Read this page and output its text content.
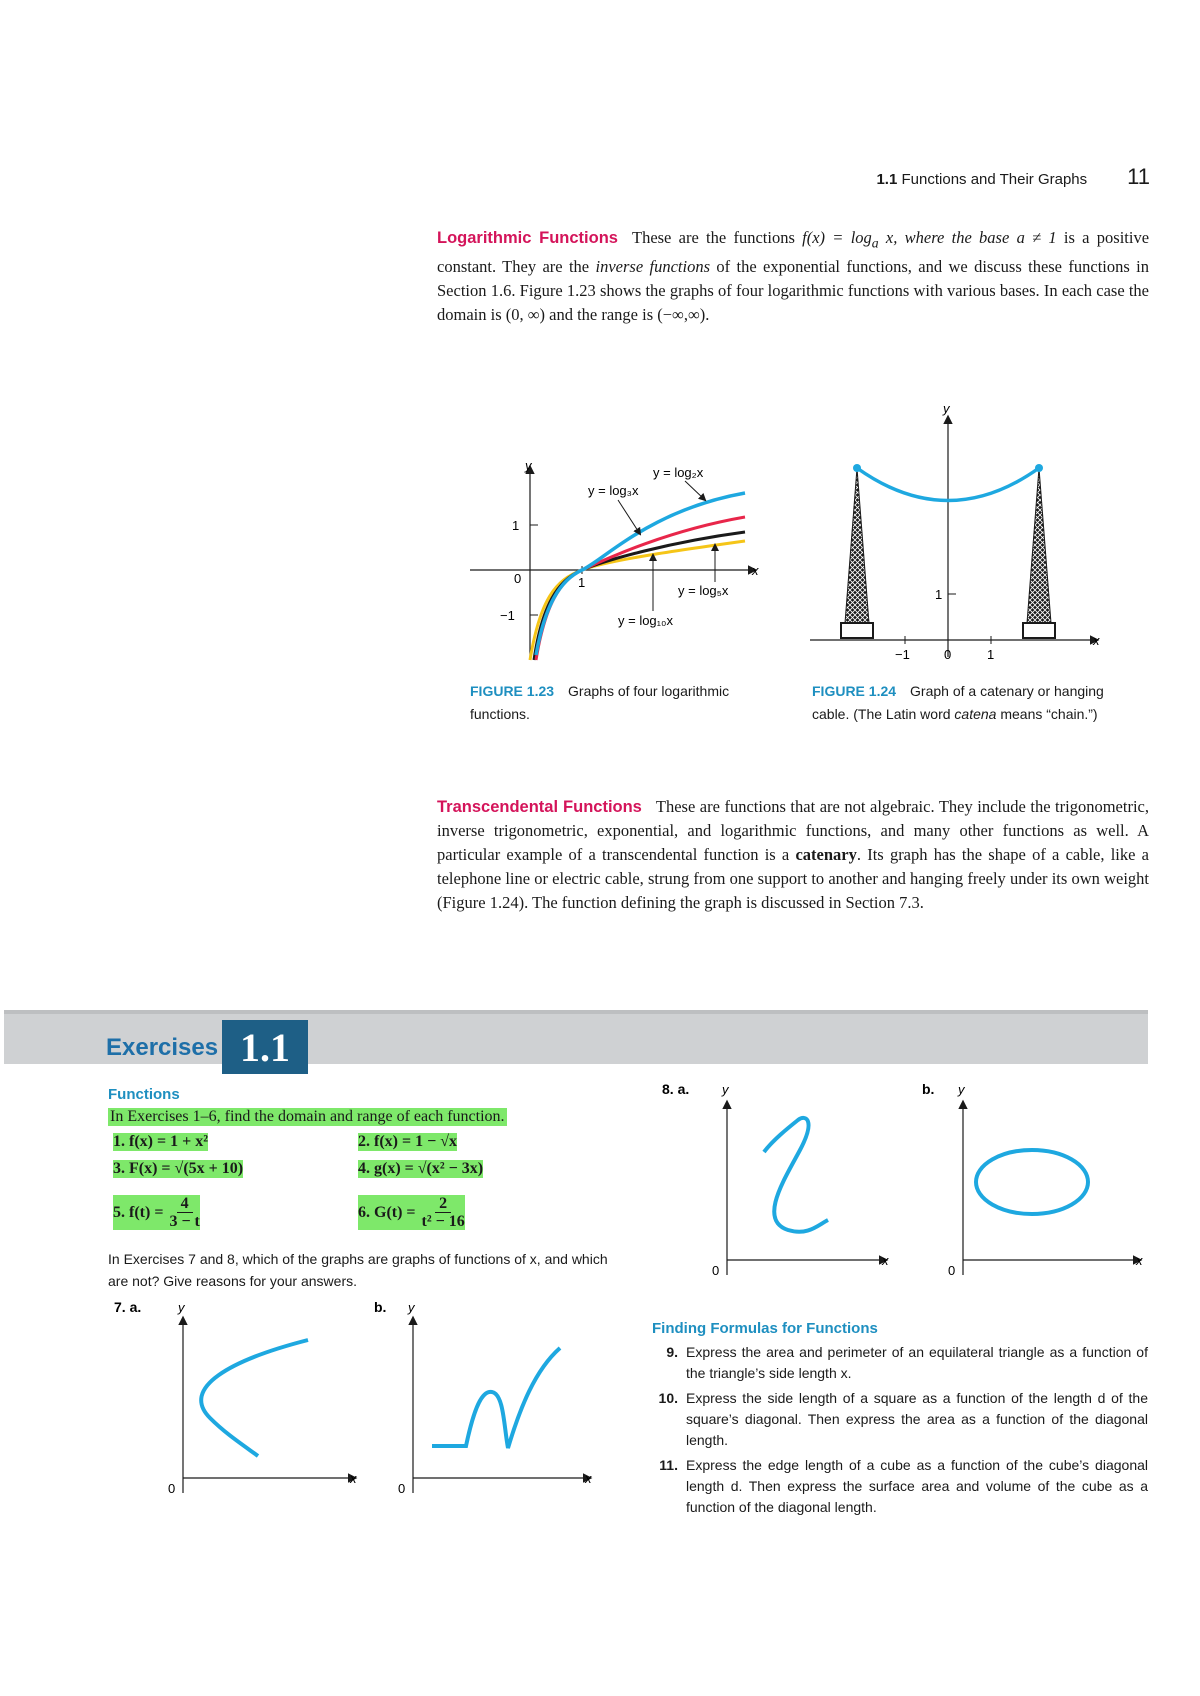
1.1 Functions and Their Graphs 11
Logarithmic Functions These are the functions $f(x) = \log_a x$, where the base a ≠ 1 is a positive constant. They are the inverse functions of the exponential functions, and we discuss these functions in Section 1.6. Figure 1.23 shows the graphs of four logarithmic functions with various bases. In each case the domain is (0, ∞) and the range is (−∞,∞).
y
x
1
0
−1
1
y = log₂x
y = log₃x
y = log₅x
y = log₁₀x
FIGURE 1.23 Graphs of four logarithmic functions.
y
x
1
−1	0	1
FIGURE 1.24 Graph of a catenary or hanging cable. (The Latin word catena means “chain.”)
Transcendental Functions These are functions that are not algebraic. They include the trigonometric, inverse trigonometric, exponential, and logarithmic functions, and many other functions as well. A particular example of a transcendental function is a catenary. Its graph has the shape of a cable, like a telephone line or electric cable, strung from one support to another and hanging freely under its own weight (Figure 1.24). The function defining the graph is discussed in Section 7.3.
Exercises 1.1
Functions
In Exercises 1–6, find the domain and range of each function.
1. f(x) = 1 + x²	2. f(x) = 1 − √x
3. F(x) = √(5x + 10)	4. g(x) = √(x² − 3x)
5. $f(t) = \frac{4}{3 - t}$	6. $G(t) = \frac{2}{\text{t² − 16}}$
In Exercises 7 and 8, which of the graphs are graphs of functions of x, and which are not? Give reasons for your answers.
7. a.	y
0
x
b. y
0
x
8. a.	y
0
x
b. y
0
x
Finding Formulas for Functions
9. Express the area and perimeter of an equilateral triangle as a function of the triangle’s side length x.
10. Express the side length of a square as a function of the length d of the square’s diagonal. Then express the area as a function of the diagonal length.
11. Express the edge length of a cube as a function of the cube’s diagonal length d. Then express the surface area and volume of the cube as a function of the diagonal length.
